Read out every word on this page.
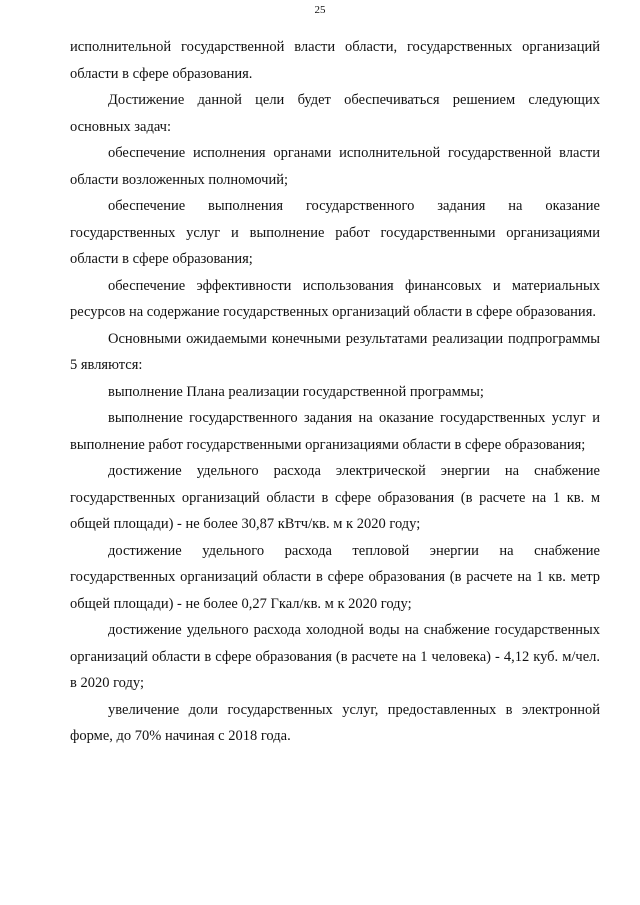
25

исполнительной государственной власти области, государственных организаций области в сфере образования.

Достижение данной цели будет обеспечиваться решением следующих основных задач:

обеспечение исполнения органами исполнительной государственной власти области возложенных полномочий;

обеспечение выполнения государственного задания на оказание государственных услуг и выполнение работ государственными организациями области в сфере образования;

обеспечение эффективности использования финансовых и материальных ресурсов на содержание государственных организаций области в сфере образования.

Основными ожидаемыми конечными результатами реализации подпрограммы 5 являются:

выполнение Плана реализации государственной программы;

выполнение государственного задания на оказание государственных услуг и выполнение работ государственными организациями области в сфере образования;

достижение удельного расхода электрической энергии на снабжение государственных организаций области в сфере образования (в расчете на 1 кв. м общей площади) - не более 30,87 кВтч/кв. м к 2020 году;

достижение удельного расхода тепловой энергии на снабжение государственных организаций области в сфере образования (в расчете на 1 кв. метр общей площади) - не более 0,27 Гкал/кв. м к 2020 году;

достижение удельного расхода холодной воды на снабжение государственных организаций области в сфере образования (в расчете на 1 человека) - 4,12 куб. м/чел. в 2020 году;

увеличение доли государственных услуг, предоставленных в электронной форме, до 70% начиная с 2018 года.
